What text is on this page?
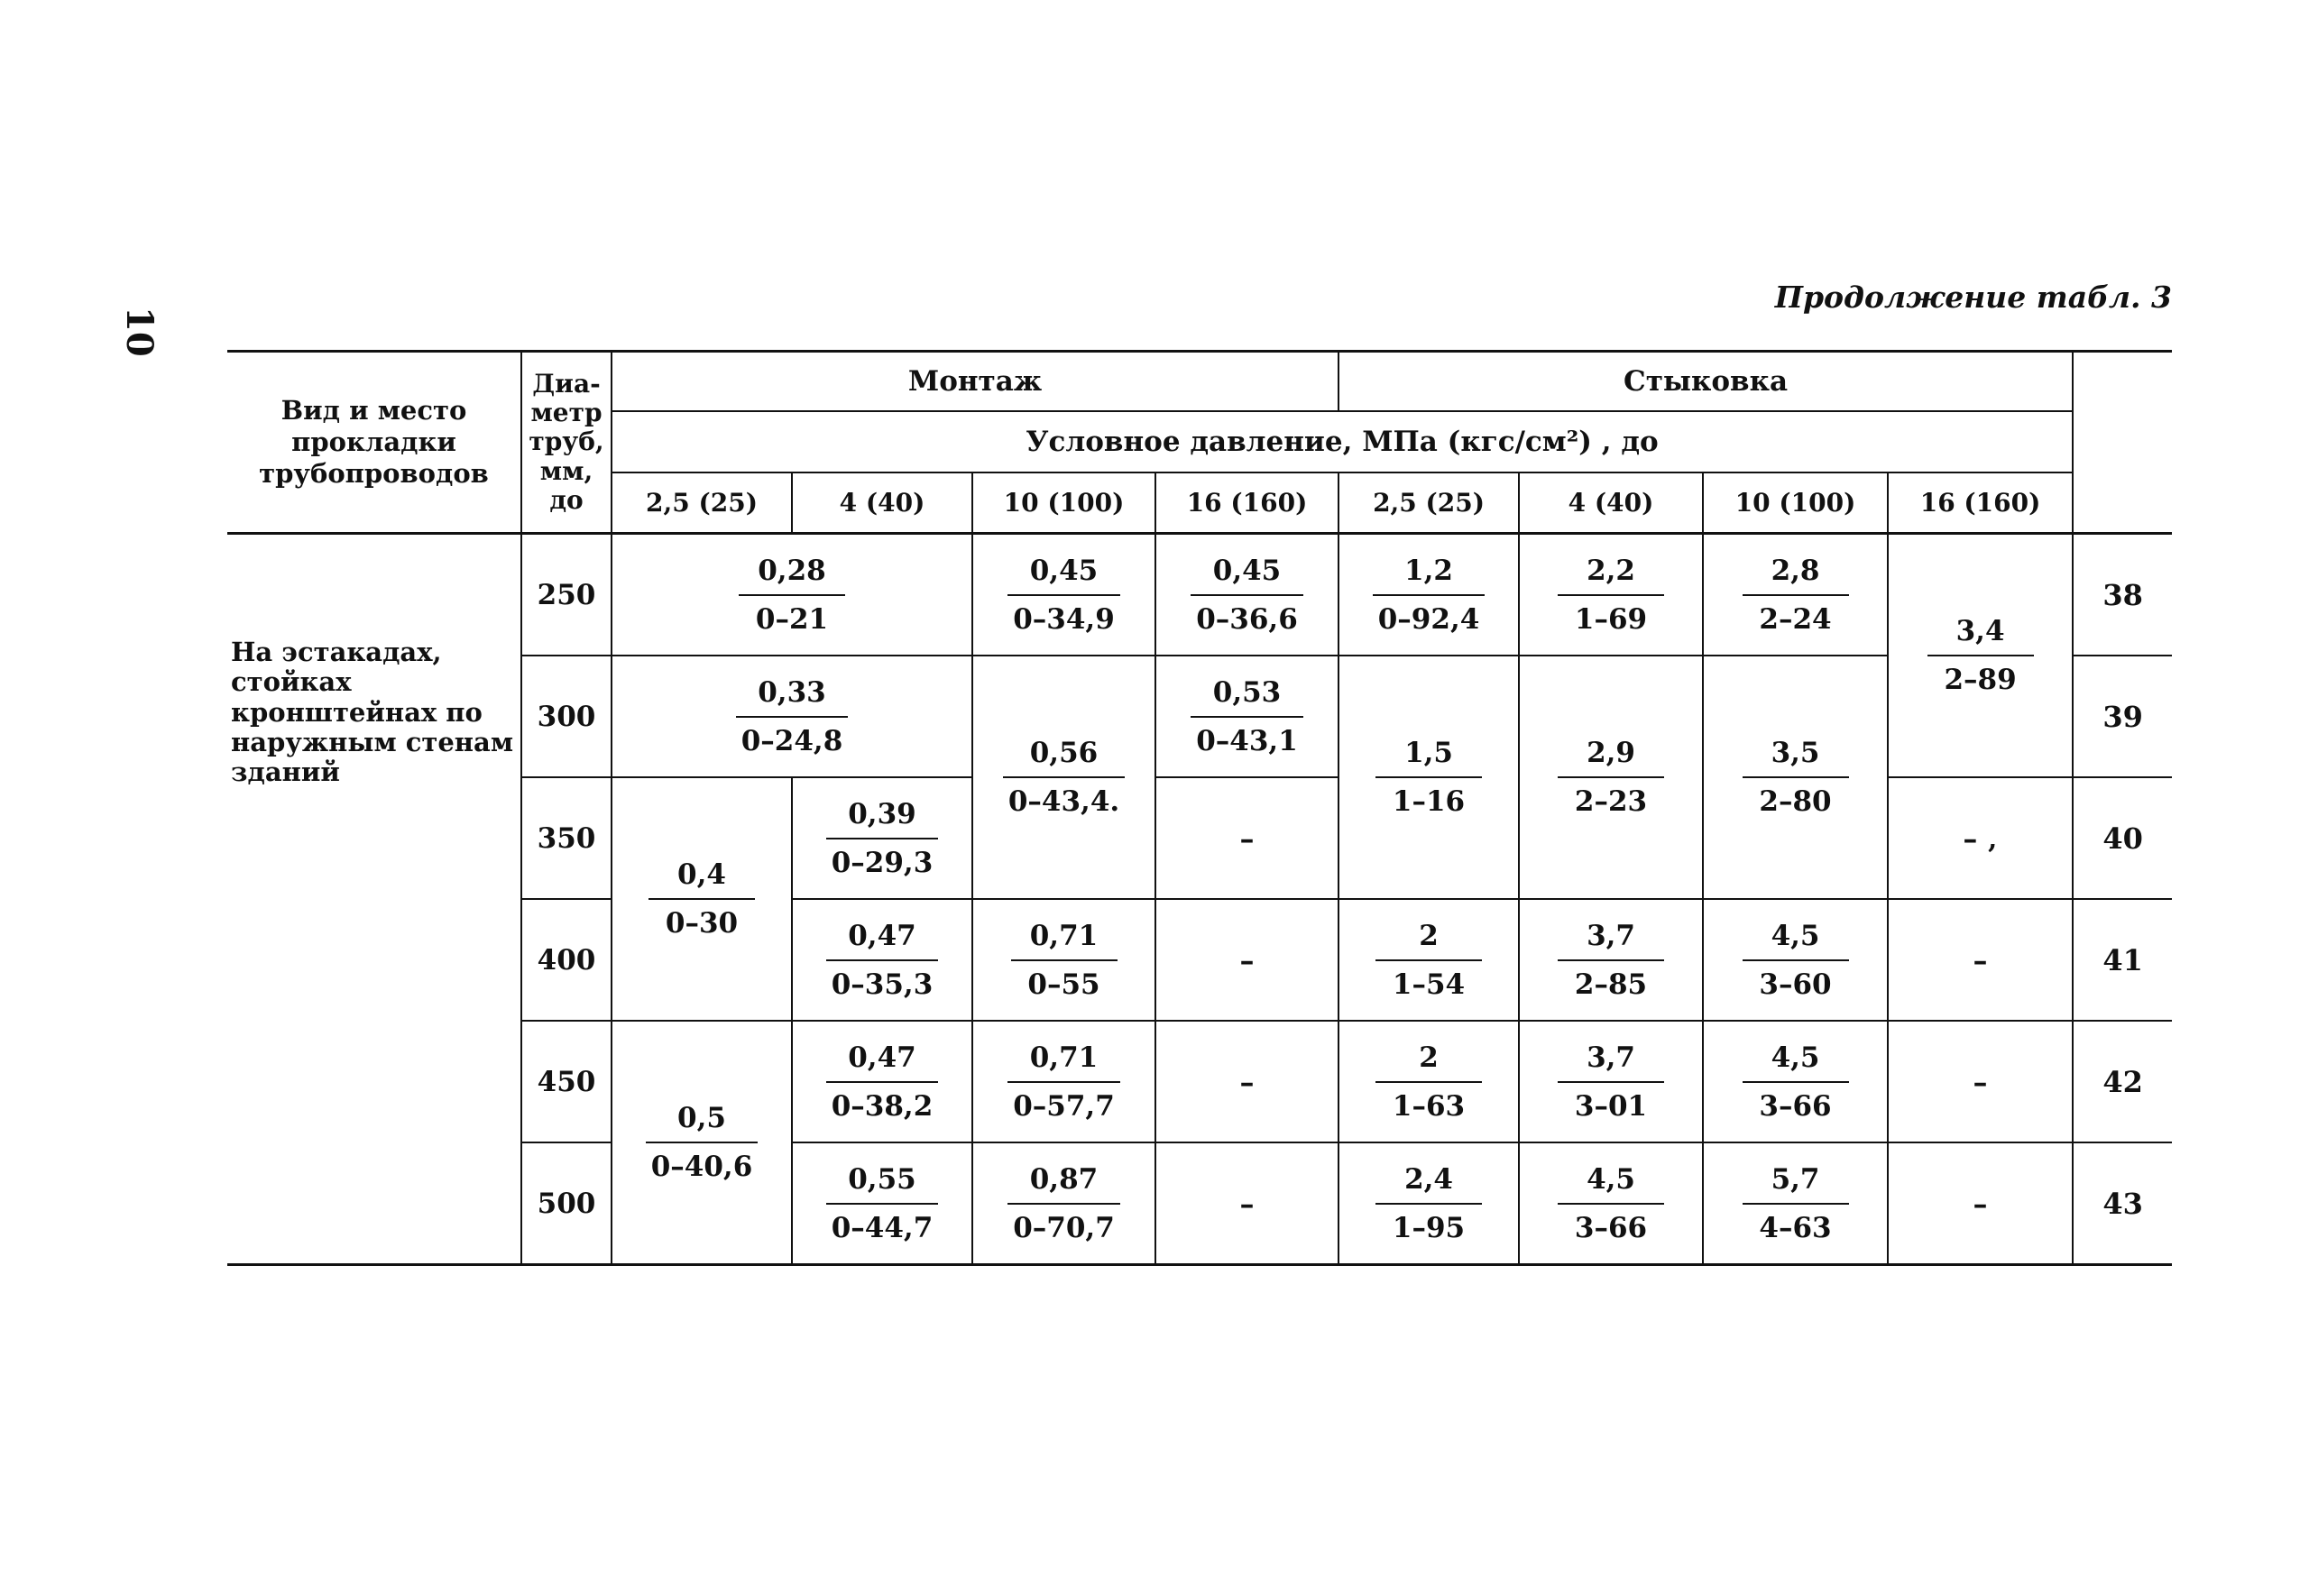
10
Продолжение табл. 3
Вид и место прокладки трубопроводов	Диа-метр труб, мм, до	Монтаж				Стыковка				
		Условное давление, МПа (кгс/см²) , до								
		2,5 (25)	4 (40)	10 (100)	16 (160)	2,5 (25)	4 (40)	10 (100)	16 (160)	

На эстакадах, стойках кронштейнах по наружным стенам зданий	250	$\frac{0,28}{0-21}$		$\frac{0,45}{0-34,9}$	$\frac{0,45}{0-36,6}$	$\frac{1,2}{0-92,4}$	$\frac{2,2}{1-69}$	$\frac{2,8}{2-24}$	$\frac{3,4}{2-89}$	38
	300	$\frac{0,33}{0-24,8}$		$\frac{0,56}{0-43,4.}$	$\frac{0,53}{0-43,1}$	$\frac{1,5}{1-16}$	$\frac{2,9}{2-23}$	$\frac{3,5}{2-80}$		39
	350	$\frac{0,4}{0-30}$	$\frac{0,39}{0-29,3}$		–				– ‚	40
	400		$\frac{0,47}{0-35,3}$	$\frac{0,71}{0-55}$	–	$\frac{2}{1-54}$	$\frac{3,7}{2-85}$	$\frac{4,5}{3-60}$	–	41
	450	$\frac{0,5}{0-40,6}$	$\frac{0,47}{0-38,2}$	$\frac{0,71}{0-57,7}$	–	$\frac{2}{1-63}$	$\frac{3,7}{3-01}$	$\frac{4,5}{3-66}$	–	42
	500		$\frac{0,55}{0-44,7}$	$\frac{0,87}{0-70,7}$	–	$\frac{2,4}{1-95}$	$\frac{4,5}{3-66}$	$\frac{5,7}{4-63}$	–	43
